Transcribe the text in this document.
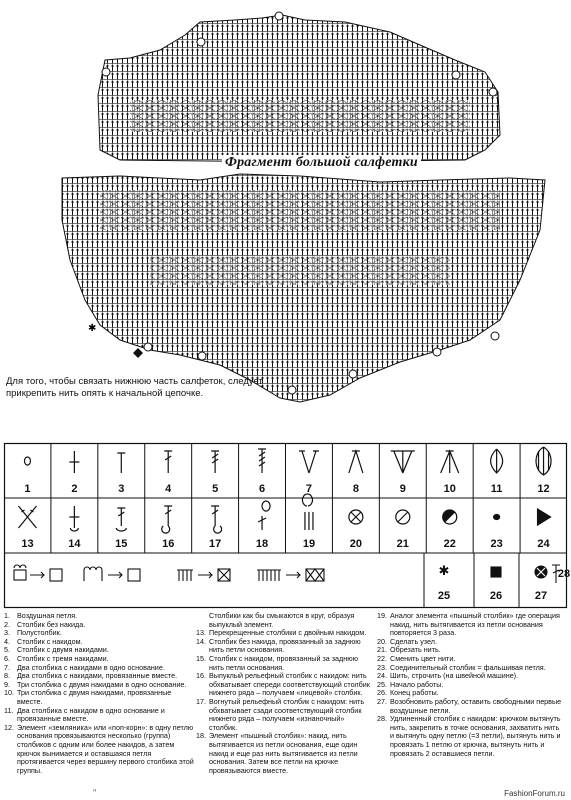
✱
Фрагмент большой салфетки
Для того, чтобы связать нижнюю часть салфеток, следует прикрепить нить опять к начальной цепочке.
1	2	3	4	5	6	7	8	9	10	11	12
13	14	15	16	17	18	19	20	21	22	23	24
✱
25	26	27
28
1. Воздушная петля.
2. Столбик без накида.
3. Полустолбик.
4. Столбик с накидом.
5. Столбик с двумя накидами.
6. Столбик с тремя накидами.
7. Два столбика с накидами в одно основание.
8. Два столбика с накидами, провязанные вместе.
9. Три столбика с двумя накидами в одно основание.
10. Три столбика с двумя накидами, провязанные вместе.
11. Два столбика с накидом в одно основание и провязанные вместе.
12. Элемент «земляника» или «поп-корн»: в одну петлю основания провязываются несколько (группа) столбиков с одним или более накидов, а затем крючок вынимается и оставшаяся петля протягивается через вершину первого столбика этой группы.
Столбики как бы смыкаются в круг, образуя выпуклый элемент.
13. Перекрещенные столбики с двойным накидом.
14. Столбик без накида, провязанный за заднюю нить петли основания.
15. Столбик с накидом, провязанный за заднюю нить петли основания.
16. Выпуклый рельефный столбик с накидом: нить обхватывает спереди соответствующий столбик нижнего ряда – получаем «лицевой» столбик.
17. Вогнутый рельефный столбик с накидом: нить обхватывает сзади соответствующий столбик нижнего ряда – получаем «изнаночный» столбик.
18. Элемент «пышный столбик»: накид, нить вытягивается из петли основания, еще один накид и еще раз нить вытягивается из петли основания. Затем все петли на крючке провязываются вместе.
19. Аналог элемента «пышный столбик» где операция накид, нить вытягивается из петли основания повторяется 3 раза.
20. Сделать узел.
21. Обрезать нить.
22. Сменить цвет нити.
23. Соединительный столбик = фальшивая петля.
24. Шить, строчить (на швейной машине).
25. Начало работы.
26. Конец работы.
27. Возобновить работу, оставить свободными первые воздушные петли.
28. Удлиненный столбик с накидом: крючком вытянуть нить, закрепить в точке основания, захватить нить и вытянуть одну петлю (=3 петли), вытянуть нить и провязать 1 петлю от крючка, вытянуть нить и провязать 2 оставшиеся петли.
"	FashionForum.ru
